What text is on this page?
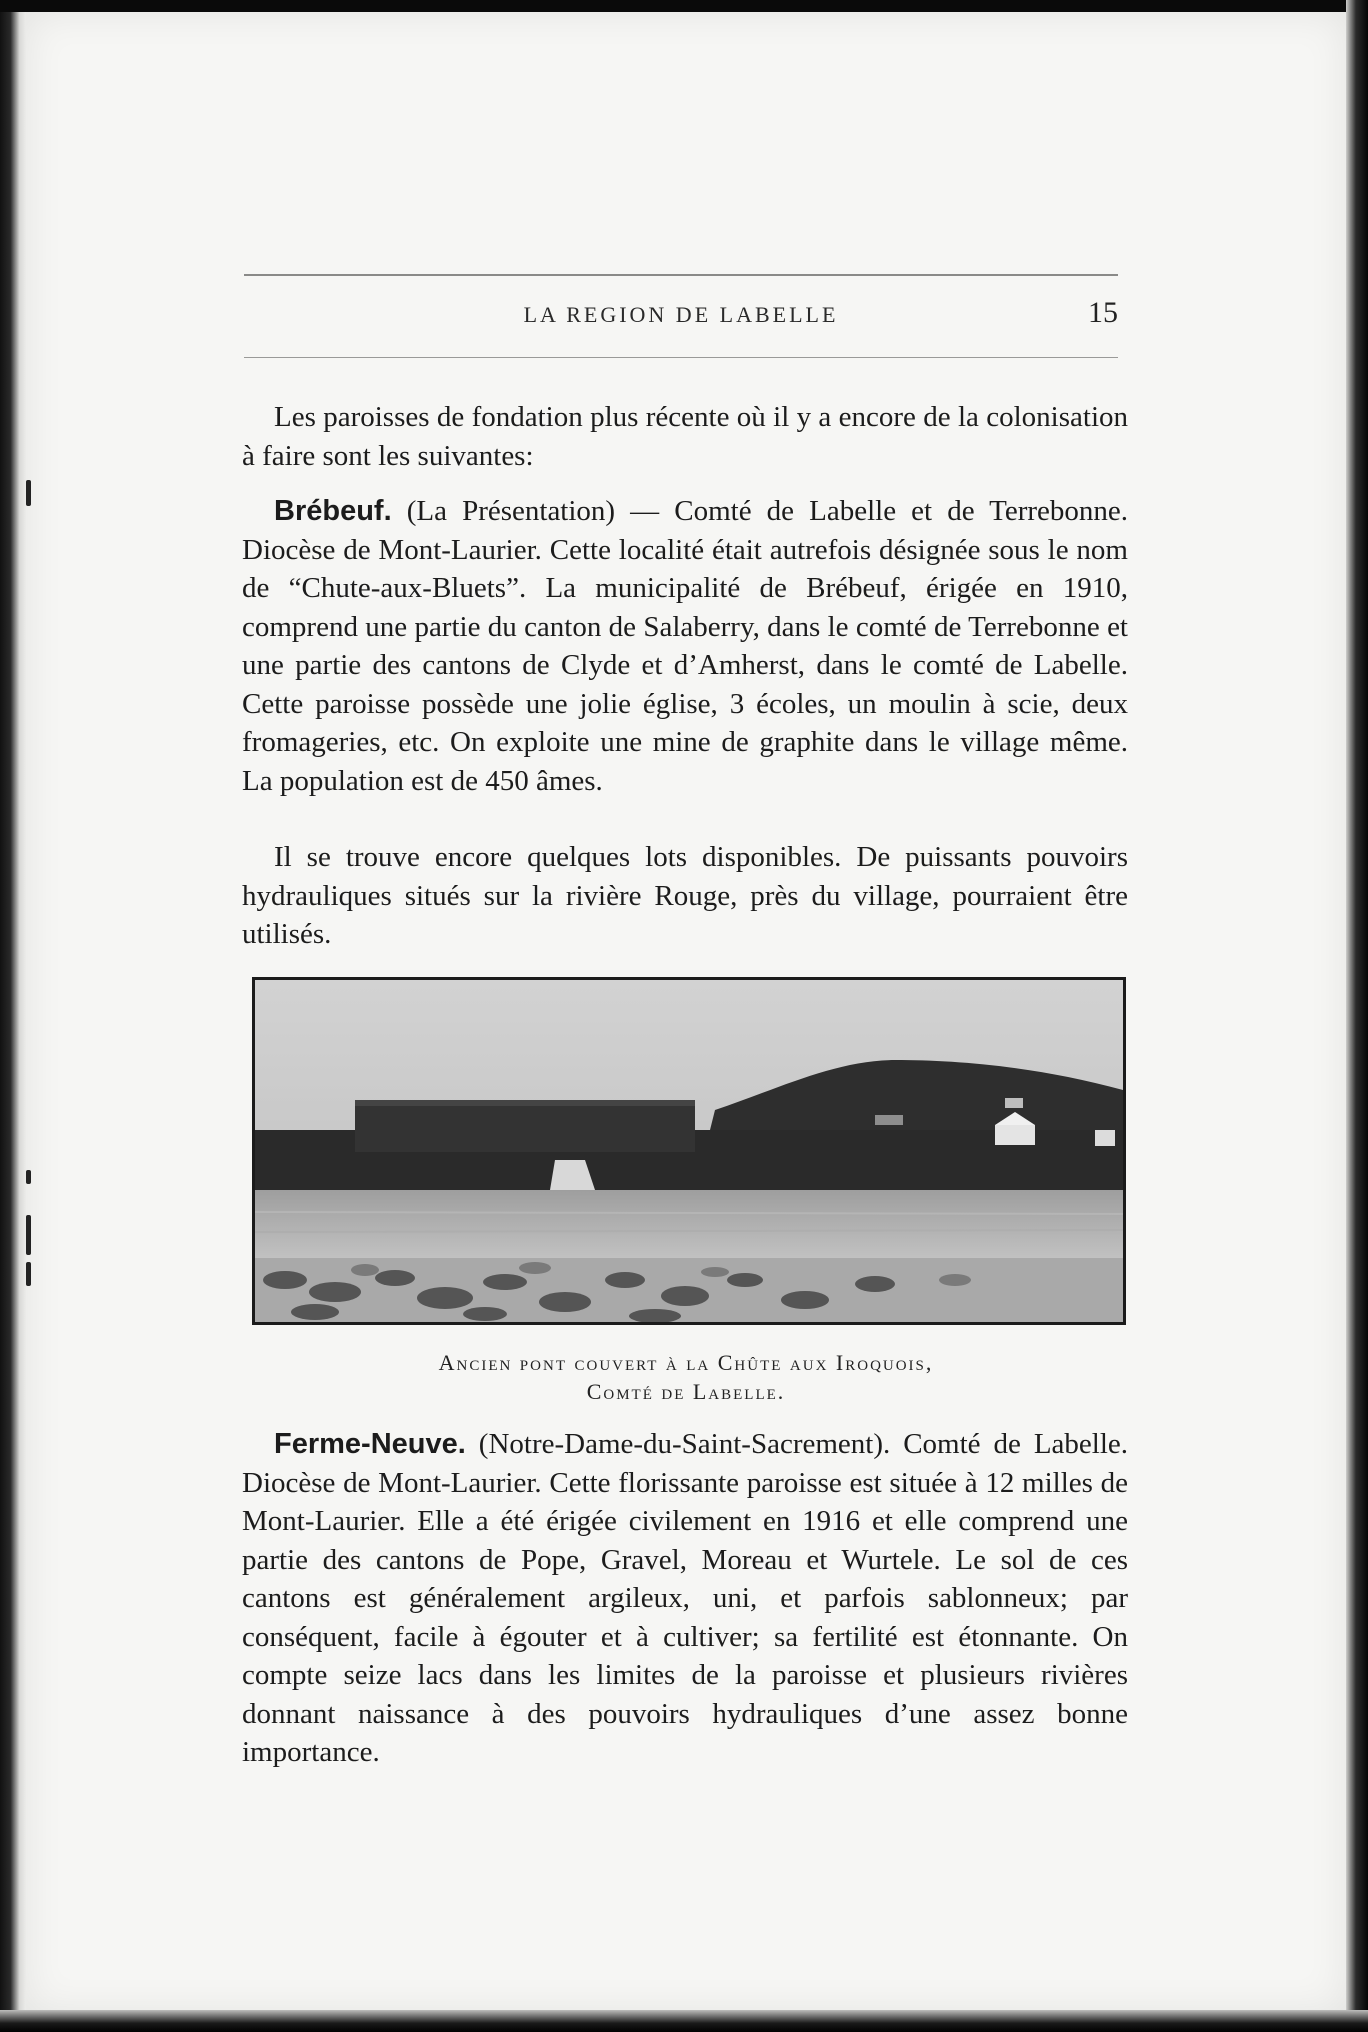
LA REGION DE LABELLE	15

Les paroisses de fondation plus récente où il y a encore de la colonisation à faire sont les suivantes:

Brébeuf. (La Présentation) — Comté de Labelle et de Terrebonne. Diocèse de Mont-Laurier. Cette localité était autrefois désignée sous le nom de “Chute-aux-Bluets”. La municipalité de Brébeuf, érigée en 1910, comprend une partie du canton de Salaberry, dans le comté de Terrebonne et une partie des cantons de Clyde et d’Amherst, dans le comté de Labelle. Cette paroisse possède une jolie église, 3 écoles, un moulin à scie, deux fromageries, etc. On exploite une mine de graphite dans le village même. La population est de 450 âmes.

Il se trouve encore quelques lots disponibles. De puissants pouvoirs hydrauliques situés sur la rivière Rouge, près du village, pourraient être utilisés.

Ancien pont couvert à la Chûte aux Iroquois,
Comté de Labelle.

Ferme-Neuve. (Notre-Dame-du-Saint-Sacrement). Comté de Labelle. Diocèse de Mont-Laurier. Cette florissante paroisse est située à 12 milles de Mont-Laurier. Elle a été érigée civilement en 1916 et elle comprend une partie des cantons de Pope, Gravel, Moreau et Wurtele. Le sol de ces cantons est généralement argileux, uni, et parfois sablonneux; par conséquent, facile à égouter et à cultiver; sa fertilité est étonnante. On compte seize lacs dans les limites de la paroisse et plusieurs rivières donnant naissance à des pouvoirs hydrauliques d’une assez bonne importance.
